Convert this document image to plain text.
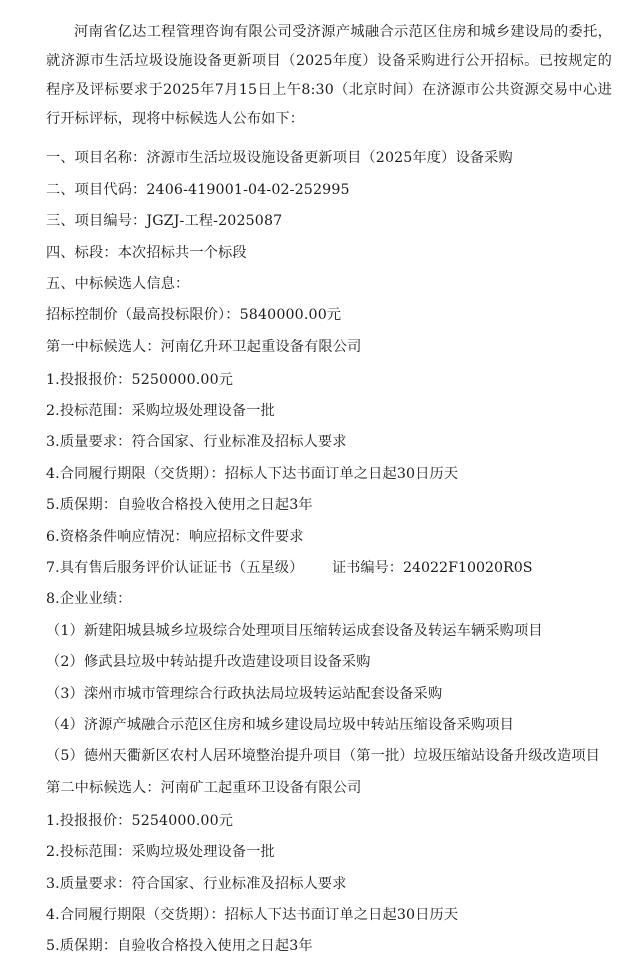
河南省亿达工程管理咨询有限公司受济源产城融合示范区住房和城乡建设局的委托，就济源市生活垃圾设施设备更新项目（2025年度）设备采购进行公开招标。已按规定的程序及评标要求于2025年7月15日上午8:30（北京时间）在济源市公共资源交易中心进行开标评标，现将中标候选人公布如下：
一、项目名称：济源市生活垃圾设施设备更新项目（2025年度）设备采购
二、项目代码：2406-419001-04-02-252995
三、项目编号：JGZJ-工程-2025087
四、标段：本次招标共一个标段
五、中标候选人信息：
招标控制价（最高投标限价）：5840000.00元
第一中标候选人：河南亿升环卫起重设备有限公司
1.投报报价：5250000.00元
2.投标范围：采购垃圾处理设备一批
3.质量要求：符合国家、行业标准及招标人要求
4.合同履行期限（交货期）：招标人下达书面订单之日起30日历天
5.质保期：自验收合格投入使用之日起3年
6.资格条件响应情况：响应招标文件要求
7.具有售后服务评价认证证书（五星级） 证书编号：24022F10020R0S
8.企业业绩：
（1）新建阳城县城乡垃圾综合处理项目压缩转运成套设备及转运车辆采购项目
（2）修武县垃圾中转站提升改造建设项目设备采购
（3）滦州市城市管理综合行政执法局垃圾转运站配套设备采购
（4）济源产城融合示范区住房和城乡建设局垃圾中转站压缩设备采购项目
（5）德州天衢新区农村人居环境整治提升项目（第一批）垃圾压缩站设备升级改造项目
第二中标候选人：河南矿工起重环卫设备有限公司
1.投报报价：5254000.00元
2.投标范围：采购垃圾处理设备一批
3.质量要求：符合国家、行业标准及招标人要求
4.合同履行期限（交货期）：招标人下达书面订单之日起30日历天
5.质保期：自验收合格投入使用之日起3年
